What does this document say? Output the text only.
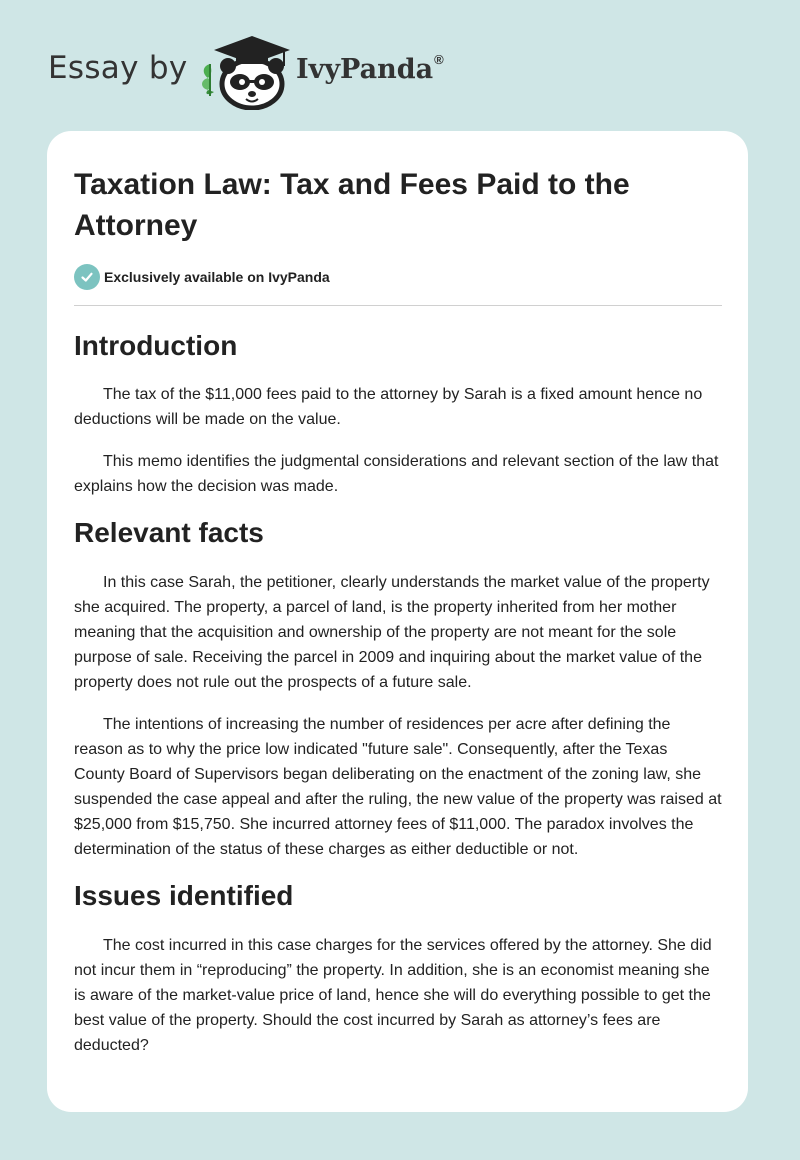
Essay by	IvyPanda®
Taxation Law: Tax and Fees Paid to the Attorney
Exclusively available on IvyPanda
Introduction

The tax of the $11,000 fees paid to the attorney by Sarah is a fixed amount hence no deductions will be made on the value.

This memo identifies the judgmental considerations and relevant section of the law that explains how the decision was made.

Relevant facts

In this case Sarah, the petitioner, clearly understands the market value of the property she acquired. The property, a parcel of land, is the property inherited from her mother meaning that the acquisition and ownership of the property are not meant for the sole purpose of sale. Receiving the parcel in 2009 and inquiring about the market value of the property does not rule out the prospects of a future sale.

The intentions of increasing the number of residences per acre after defining the reason as to why the price low indicated "future sale". Consequently, after the Texas County Board of Supervisors began deliberating on the enactment of the zoning law, she suspended the case appeal and after the ruling, the new value of the property was raised at $25,000 from $15,750. She incurred attorney fees of $11,000. The paradox involves the determination of the status of these charges as either deductible or not.

Issues identified

The cost incurred in this case charges for the services offered by the attorney. She did not incur them in “reproducing” the property. In addition, she is an economist meaning she is aware of the market-value price of land, hence she will do everything possible to get the best value of the property. Should the cost incurred by Sarah as attorney’s fees are deducted?
